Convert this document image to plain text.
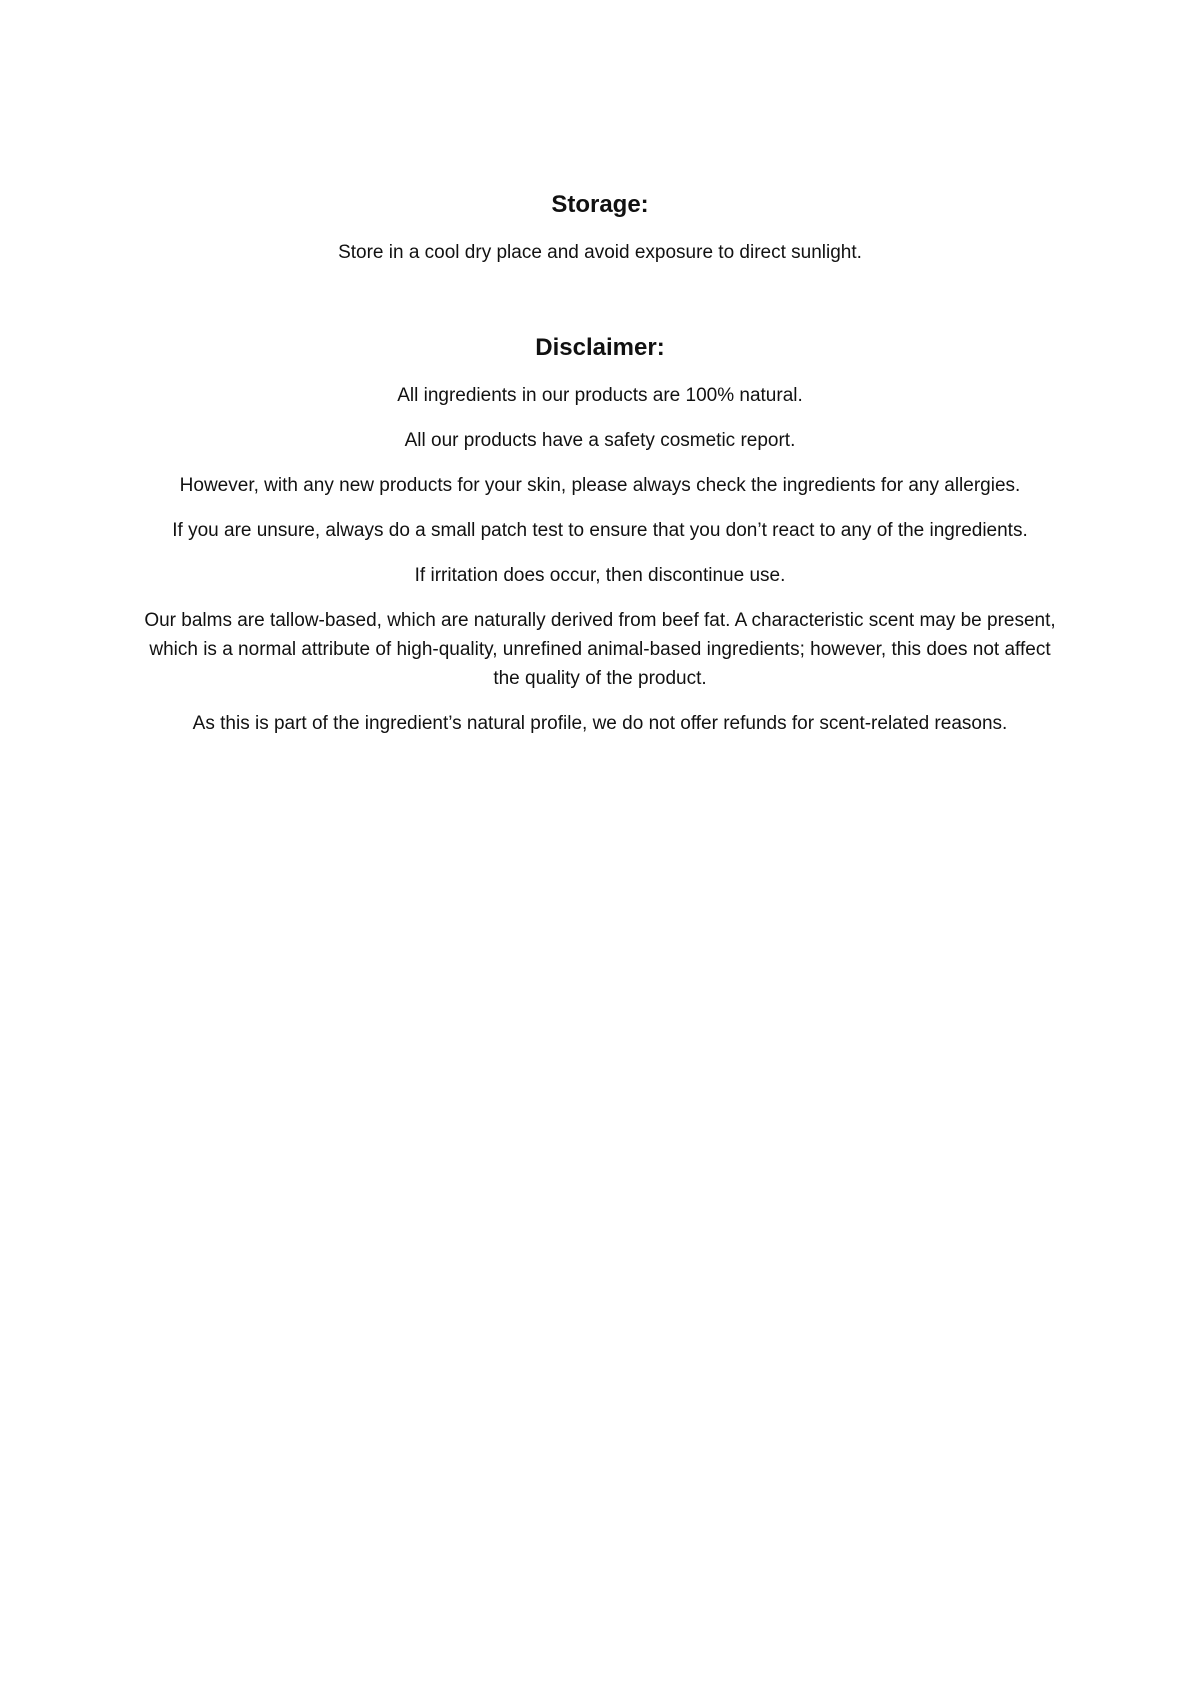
Storage:

Store in a cool dry place and avoid exposure to direct sunlight.

Disclaimer:

All ingredients in our products are 100% natural.

All our products have a safety cosmetic report.

However, with any new products for your skin, please always check the ingredients for any allergies.

If you are unsure, always do a small patch test to ensure that you don’t react to any of the ingredients.

If irritation does occur, then discontinue use.

Our balms are tallow-based, which are naturally derived from beef fat. A characteristic scent may be present, which is a normal attribute of high-quality, unrefined animal-based ingredients; however, this does not affect the quality of the product.

As this is part of the ingredient’s natural profile, we do not offer refunds for scent-related reasons.
